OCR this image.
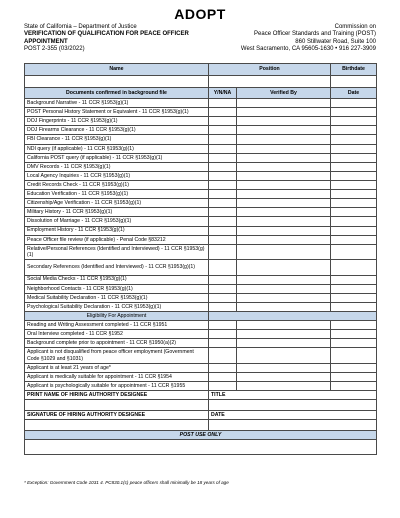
ADOPT
State of California – Department of Justice
VERIFICATION OF QUALIFICATION FOR PEACE OFFICER
APPOINTMENT
POST 2-355 (03/2022)
Commission on
Peace Officer Standards and Training (POST)
860 Stillwater Road, Suite 100
West Sacramento, CA 95605-1630 • 916 227-3909
Name	Position	Birthdate

Documents confirmed in background file	Y/N/NA	Verified By	Date
Background Narrative - 11 CCR §1953(g)(1)			
POST Personal History Statement or Equivalent - 11 CCR §1953(g)(1)			
DOJ Fingerprints - 11 CCR §1953(g)(1)			
DOJ Firearms Clearance - 11 CCR §1953(g)(1)			
FBI Clearance - 11 CCR §1953(g)(1)			
NDI query (if applicable) - 11 CCR §1953(g)(1)			
California POST query (if applicable) - 11 CCR §1953(g)(1)			
DMV Records - 11 CCR §1953(g)(1)			
Local Agency Inquiries - 11 CCR §1953(g)(1)			
Credit Records Check - 11 CCR §1953(g)(1)			
Education Verification - 11 CCR §1953(g)(1)			
Citizenship/Age Verification - 11 CCR §1953(g)(1)			
Military History - 11 CCR §1953(g)(1)			
Dissolution of Marriage - 11 CCR §1953(g)(1)			
Employment History - 11 CCR §1953(g)(1)			
Peace Officer file review (if applicable) - Penal Code §83212			
Relative/Personal References (Identified and Interviewed) - 11 CCR §1953(g)(1)			
Secondary References (Identified and Interviewed) - 11 CCR §1953(g)(1)			
Social Media Checks - 11 CCR §1953(g)(1)			
Neighborhood Contacts - 11 CCR §1953(g)(1)			
Medical Suitability Declaration - 11 CCR §1953(g)(1)			
Psychological Suitability Declaration - 11 CCR §1953(g)(1)			
Eligibility For Appointment			
Reading and Writing Assessment completed - 11 CCR §1951			
Oral Interview completed - 11 CCR §1952			
Background complete prior to appointment - 11 CCR §1950(a)(2)			
Applicant is not disqualified from peace officer employment (Government Code §1029 and §1031)			
Applicant is at least 21 years of age*			
Applicant is medically suitable for appointment - 11 CCR §1954			
Applicant is psychologically suitable for appointment - 11 CCR §1955			
PRINT NAME OF HIRING AUTHORITY DESIGNEE	TITLE		

SIGNATURE OF HIRING AUTHORITY DESIGNEE	DATE		

POST USE ONLY			

* Exception: Government Code 1031 4. PC830.1(c) peace officers shall minimally be 18 years of age
